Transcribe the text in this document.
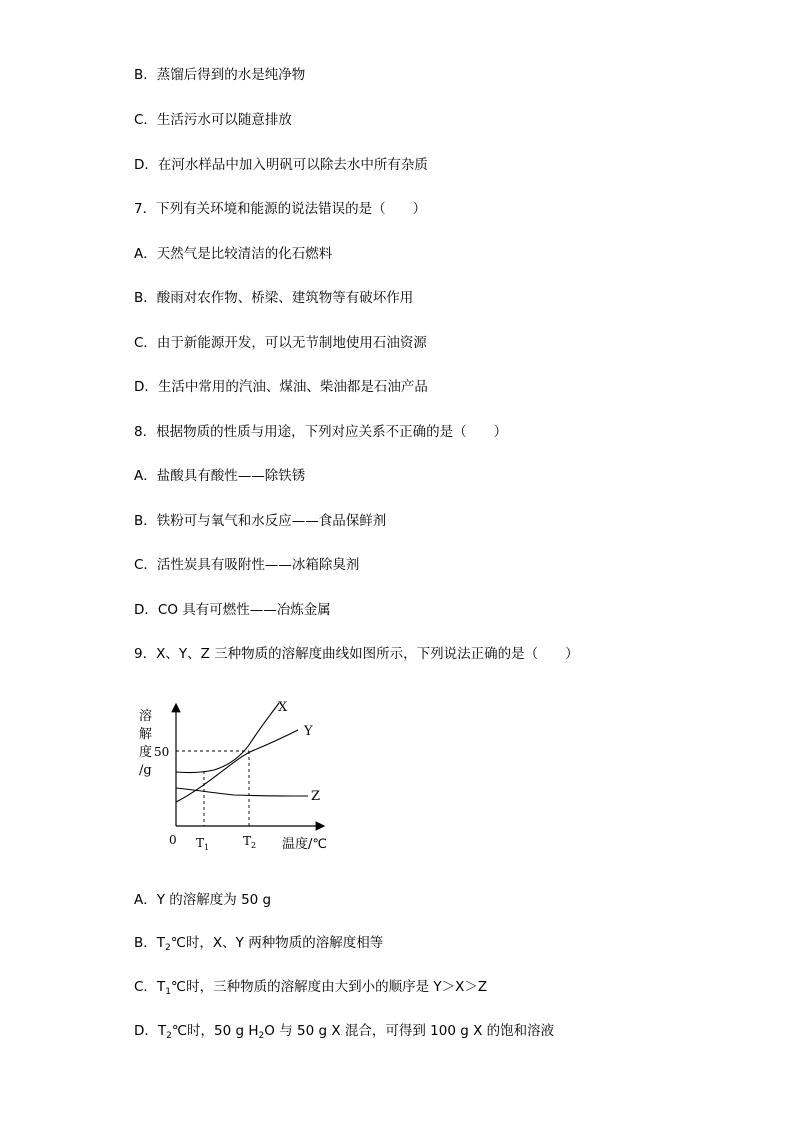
B．蒸馏后得到的水是纯净物
C．生活污水可以随意排放
D．在河水样品中加入明矾可以除去水中所有杂质
7．下列有关环境和能源的说法错误的是（　　）
A．天然气是比较清洁的化石燃料
B．酸雨对农作物、桥梁、建筑物等有破坏作用
C．由于新能源开发，可以无节制地使用石油资源
D．生活中常用的汽油、煤油、柴油都是石油产品
8．根据物质的性质与用途，下列对应关系不正确的是（　　）
A．盐酸具有酸性——除铁锈
B．铁粉可与氧气和水反应——食品保鲜剂
C．活性炭具有吸附性——冰箱除臭剂
D．CO 具有可燃性——冶炼金属
9．X、Y、Z 三种物质的溶解度曲线如图所示，下列说法正确的是（　　）
溶
解
度
/g
50
0 $T_1$	$T_2$ 温度/℃
X
Y
Z
A．Y 的溶解度为 50 g
B．$T_2℃$时，X、Y 两种物质的溶解度相等
C．$T_1℃$时，三种物质的溶解度由大到小的顺序是 Y＞X＞Z
D．$T_2℃$时，50 g $H_2O$ 与 50 g X 混合，可得到 100 g X 的饱和溶液
